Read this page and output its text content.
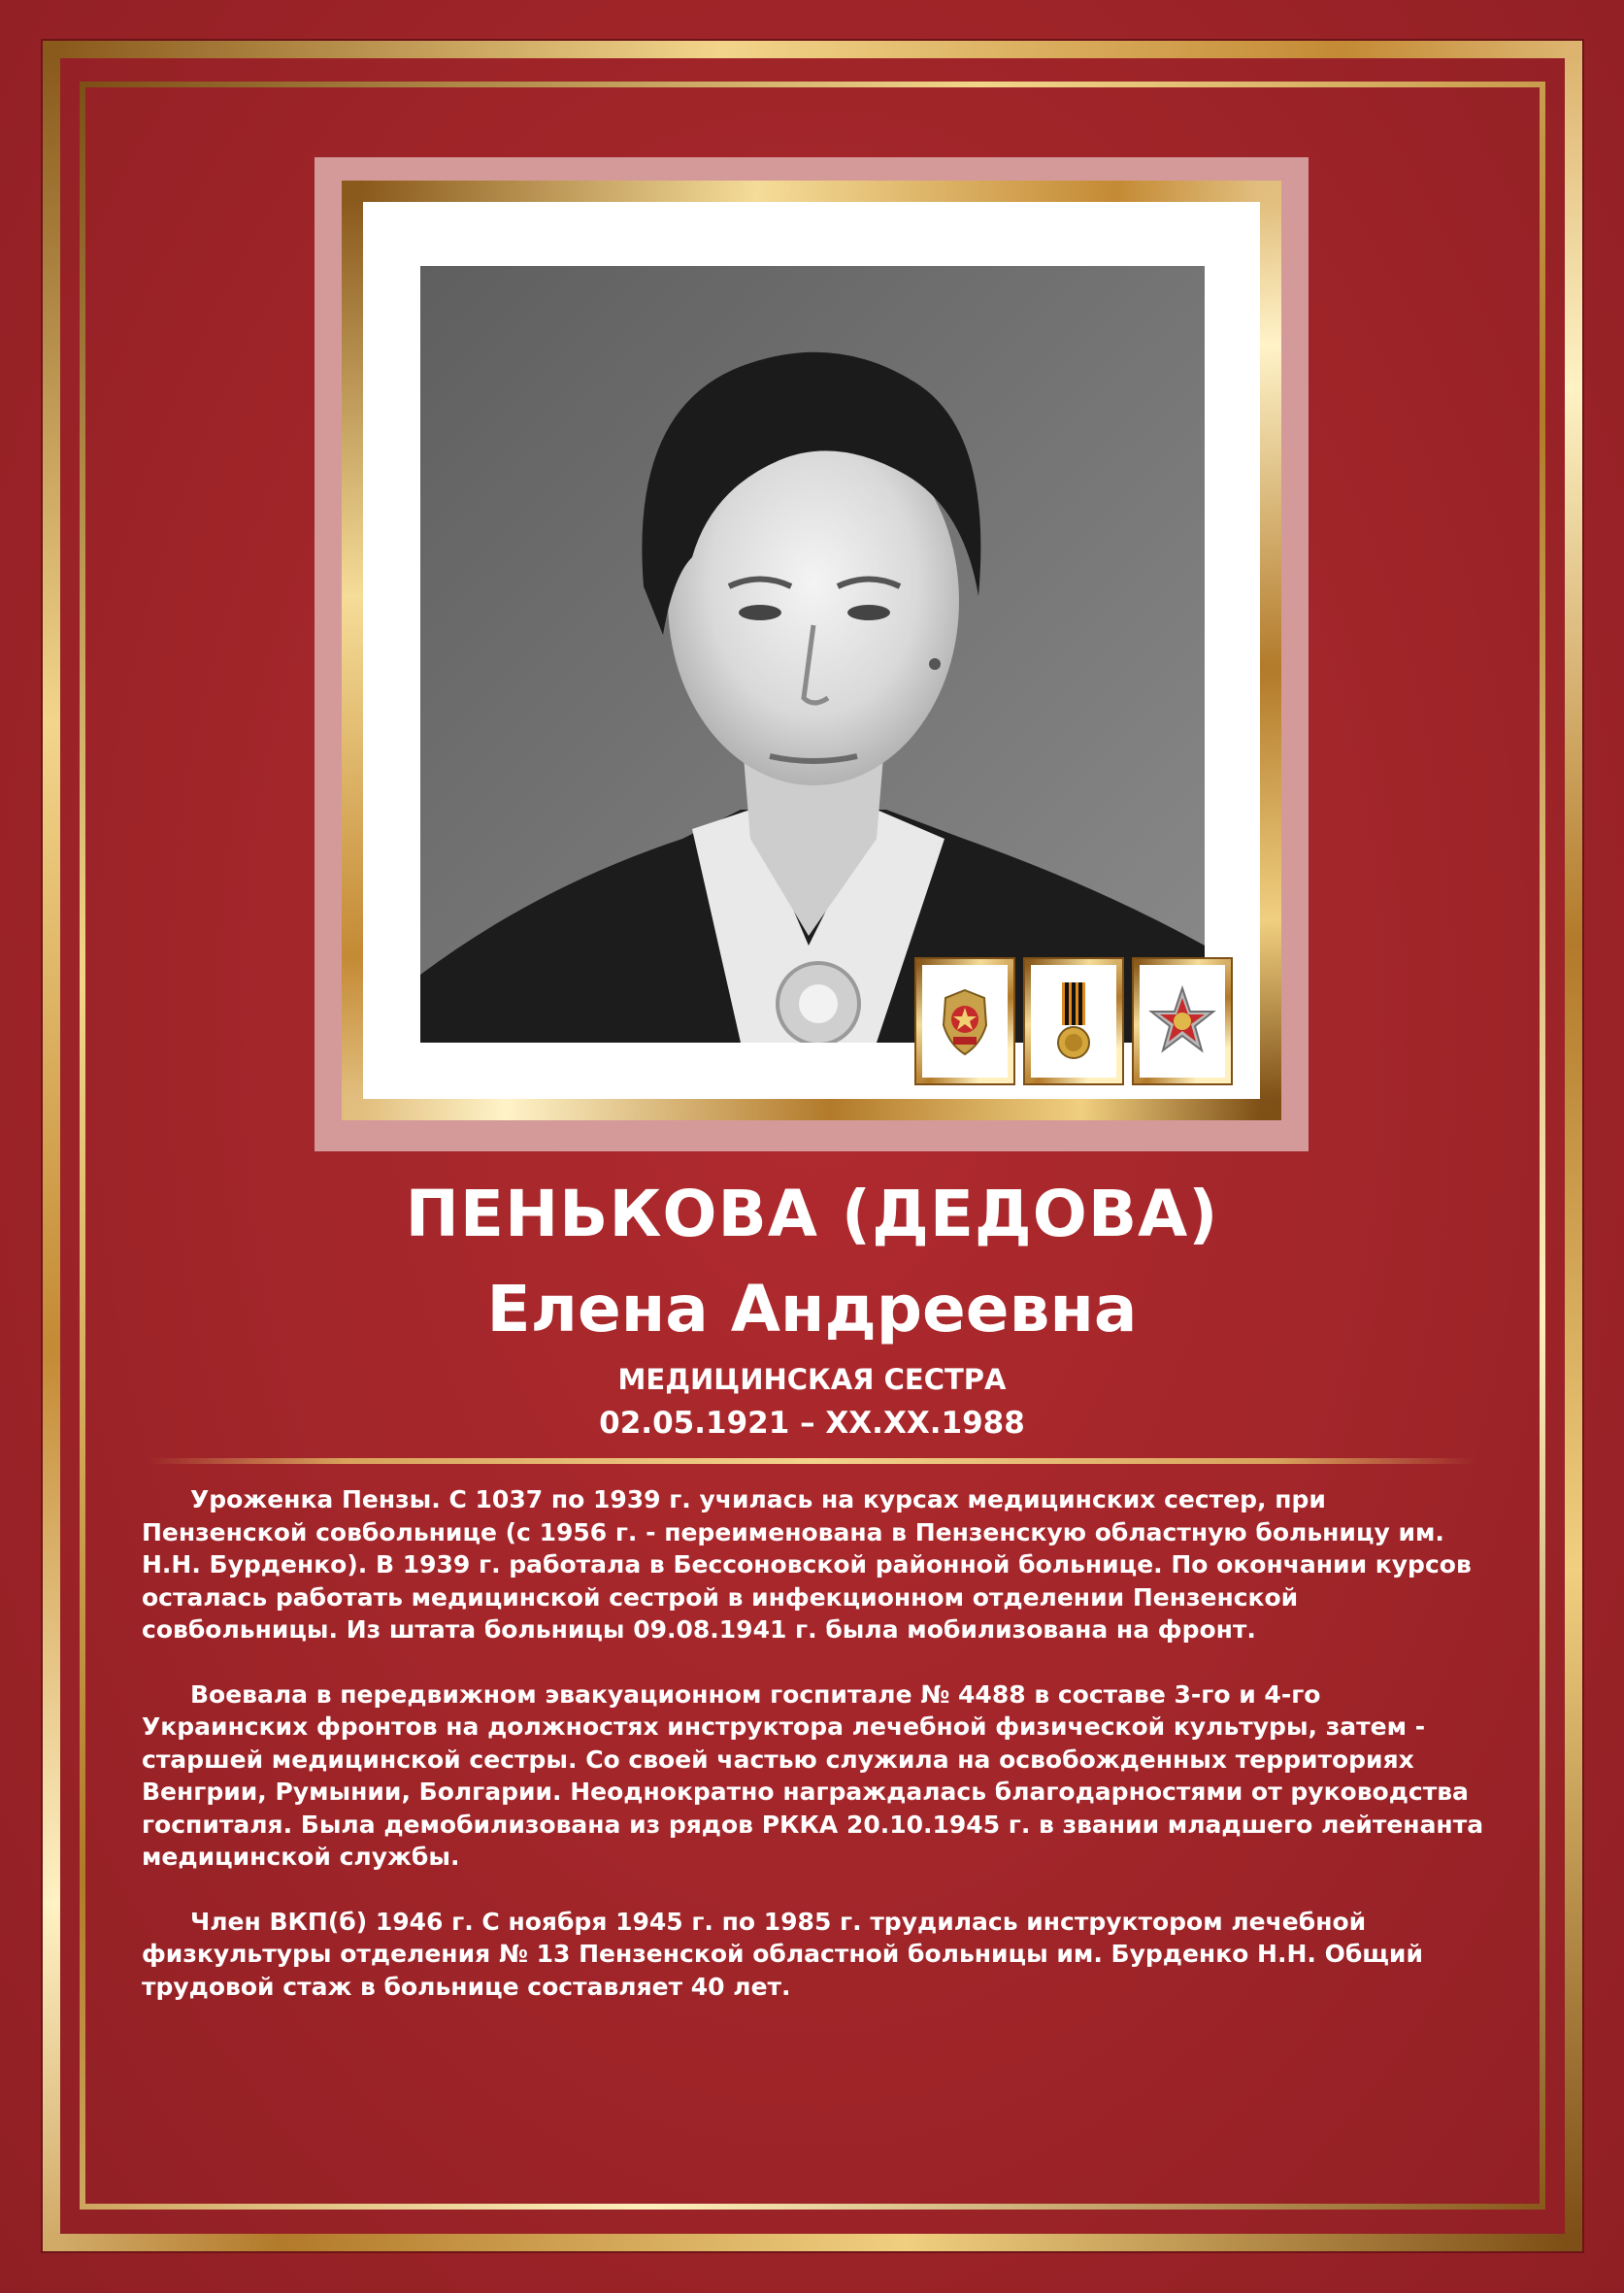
ПЕНЬКОВА (ДЕДОВА)
Елена Андреевна
МЕДИЦИНСКАЯ СЕСТРА
02.05.1921 – ХХ.ХХ.1988

Уроженка Пензы. С 1037 по 1939 г. училась на курсах медицинских сестер, при Пензенской совбольнице (с 1956 г. - переименована в Пензенскую областную больницу им. Н.Н. Бурденко). В 1939 г. работала в Бессоновской районной больнице. По окончании курсов осталась работать медицинской сестрой в инфекционном отделении Пензенской совбольницы. Из штата больницы 09.08.1941 г. была мобилизована на фронт.

Воевала в передвижном эвакуационном госпитале № 4488 в составе 3-го и 4-го Украинских фронтов на должностях инструктора лечебной физической культуры, затем - старшей медицинской сестры. Со своей частью служила на освобожденных территориях Венгрии, Румынии, Болгарии. Неоднократно награждалась благодарностями от руководства госпиталя. Была демобилизована из рядов РККА 20.10.1945 г. в звании младшего лейтенанта медицинской службы.

Член ВКП(б) 1946 г. С ноября 1945 г. по 1985 г. трудилась инструктором лечебной физкультуры отделения № 13 Пензенской областной больницы им. Бурденко Н.Н. Общий трудовой стаж в больнице составляет 40 лет.
